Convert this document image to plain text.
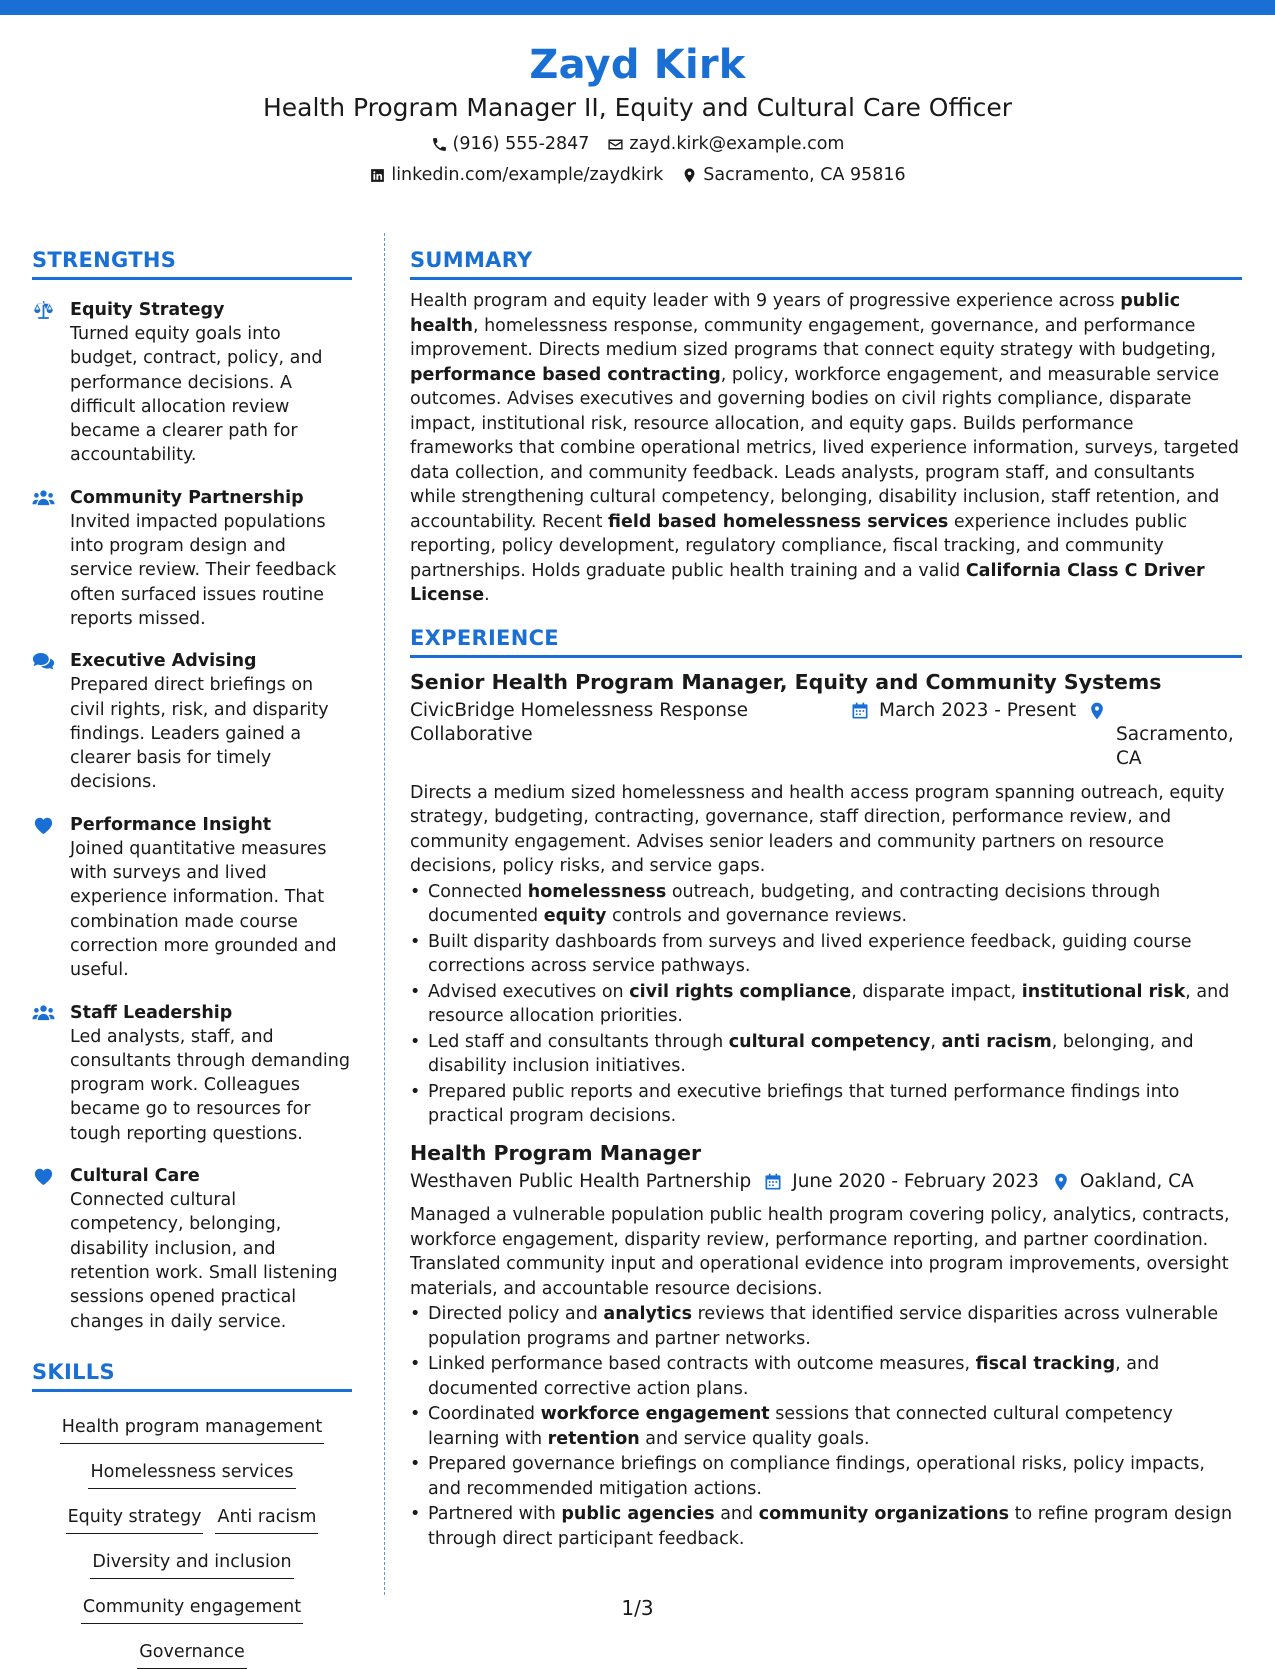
Zayd Kirk
Health Program Manager II, Equity and Cultural Care Officer
(916) 555-2847 zayd.kirk@example.com
linkedin.com/example/zaydkirk Sacramento, CA 95816
STRENGTHS
Equity Strategy
Turned equity goals into budget, contract, policy, and performance decisions. A difficult allocation review became a clearer path for accountability.
Community Partnership
Invited impacted populations into program design and service review. Their feedback often surfaced issues routine reports missed.
Executive Advising
Prepared direct briefings on civil rights, risk, and disparity findings. Leaders gained a clearer basis for timely decisions.
Performance Insight
Joined quantitative measures with surveys and lived experience information. That combination made course correction more grounded and useful.
Staff Leadership
Led analysts, staff, and consultants through demanding program work. Colleagues became go to resources for tough reporting questions.
Cultural Care
Connected cultural competency, belonging, disability inclusion, and retention work. Small listening sessions opened practical changes in daily service.
SKILLS
Health program management
Homelessness services
Equity strategy Anti racism
Diversity and inclusion
Community engagement
Governance
SUMMARY
Health program and equity leader with 9 years of progressive experience across public health, homelessness response, community engagement, governance, and performance improvement. Directs medium sized programs that connect equity strategy with budgeting, performance based contracting, policy, workforce engagement, and measurable service outcomes. Advises executives and governing bodies on civil rights compliance, disparate impact, institutional risk, resource allocation, and equity gaps. Builds performance frameworks that combine operational metrics, lived experience information, surveys, targeted data collection, and community feedback. Leads analysts, program staff, and consultants while strengthening cultural competency, belonging, disability inclusion, staff retention, and accountability. Recent field based homelessness services experience includes public reporting, policy development, regulatory compliance, fiscal tracking, and community partnerships. Holds graduate public health training and a valid California Class C Driver License.
EXPERIENCE
Senior Health Program Manager, Equity and Community Systems
CivicBridge Homelessness Response Collaborative
March 2023 - Present
Sacramento, CA
Directs a medium sized homelessness and health access program spanning outreach, equity strategy, budgeting, contracting, governance, staff direction, performance review, and community engagement. Advises senior leaders and community partners on resource decisions, policy risks, and service gaps.
• Connected homelessness outreach, budgeting, and contracting decisions through documented equity controls and governance reviews.
• Built disparity dashboards from surveys and lived experience feedback, guiding course corrections across service pathways.
• Advised executives on civil rights compliance, disparate impact, institutional risk, and resource allocation priorities.
• Led staff and consultants through cultural competency, anti racism, belonging, and disability inclusion initiatives.
• Prepared public reports and executive briefings that turned performance findings into practical program decisions.
Health Program Manager
Westhaven Public Health Partnership June 2020 - February 2023 Oakland, CA
Managed a vulnerable population public health program covering policy, analytics, contracts, workforce engagement, disparity review, performance reporting, and partner coordination. Translated community input and operational evidence into program improvements, oversight materials, and accountable resource decisions.
• Directed policy and analytics reviews that identified service disparities across vulnerable population programs and partner networks.
• Linked performance based contracts with outcome measures, fiscal tracking, and documented corrective action plans.
• Coordinated workforce engagement sessions that connected cultural competency learning with retention and service quality goals.
• Prepared governance briefings on compliance findings, operational risks, policy impacts, and recommended mitigation actions.
• Partnered with public agencies and community organizations to refine program design through direct participant feedback.
1/3
